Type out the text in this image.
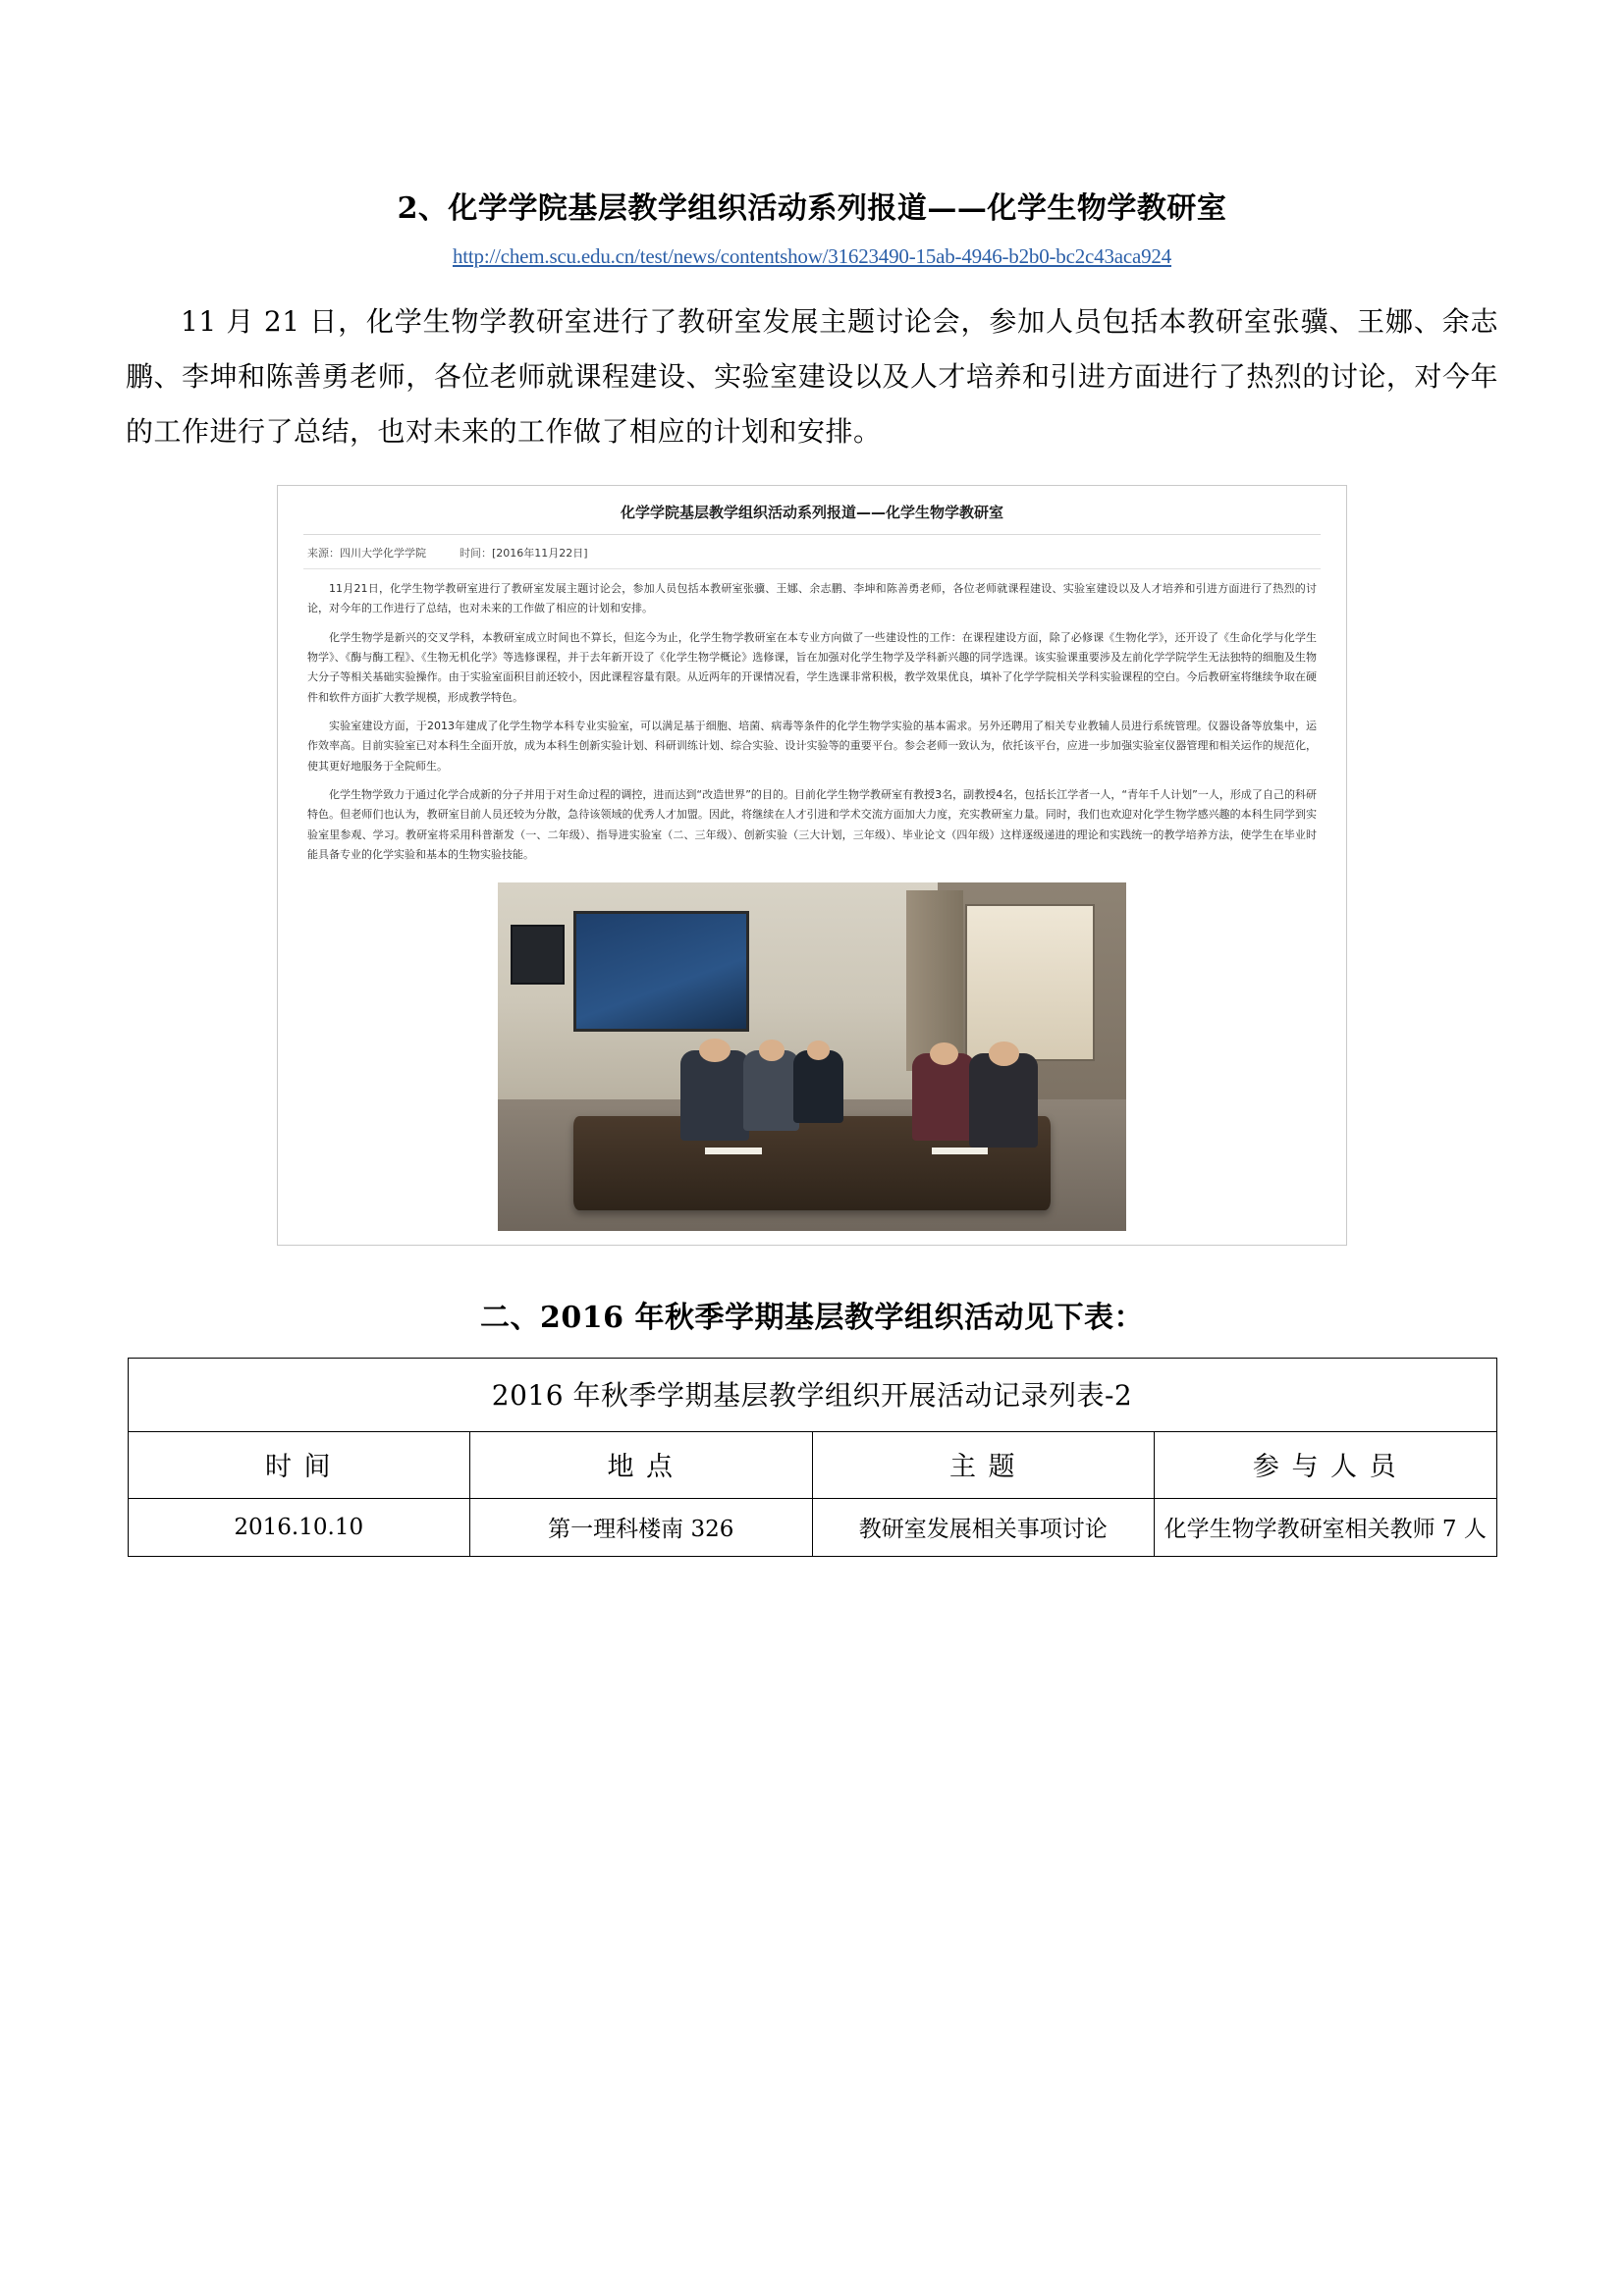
2、化学学院基层教学组织活动系列报道——化学生物学教研室
http://chem.scu.edu.cn/test/news/contentshow/31623490-15ab-4946-b2b0-bc2c43aca924

11 月 21 日，化学生物学教研室进行了教研室发展主题讨论会，参加人员包括本教研室张骥、王娜、余志鹏、李坤和陈善勇老师，各位老师就课程建设、实验室建设以及人才培养和引进方面进行了热烈的讨论，对今年的工作进行了总结，也对未来的工作做了相应的计划和安排。

化学学院基层教学组织活动系列报道——化学生物学教研室
来源：四川大学化学学院	时间：[2016年11月22日]

11月21日，化学生物学教研室进行了教研室发展主题讨论会，参加人员包括本教研室张骥、王娜、余志鹏、李坤和陈善勇老师，各位老师就课程建设、实验室建设以及人才培养和引进方面进行了热烈的讨论，对今年的工作进行了总结，也对未来的工作做了相应的计划和安排。

化学生物学是新兴的交叉学科，本教研室成立时间也不算长，但迄今为止，化学生物学教研室在本专业方向做了一些建设性的工作：在课程建设方面，除了必修课《生物化学》，还开设了《生命化学与化学生物学》、《酶与酶工程》、《生物无机化学》等选修课程，并于去年新开设了《化学生物学概论》选修课，旨在加强对化学生物学及学科新兴趣的同学选课。该实验课重要涉及左前化学学院学生无法独特的细胞及生物大分子等相关基础实验操作。由于实验室面积目前还较小，因此课程容量有限。从近两年的开课情况看，学生选课非常积极，教学效果优良，填补了化学学院相关学科实验课程的空白。今后教研室将继续争取在硬件和软件方面扩大教学规模，形成教学特色。

实验室建设方面，于2013年建成了化学生物学本科专业实验室，可以满足基于细胞、培菌、病毒等条件的化学生物学实验的基本需求。另外还聘用了相关专业教辅人员进行系统管理。仪器设备等放集中，运作效率高。目前实验室已对本科生全面开放，成为本科生创新实验计划、科研训练计划、综合实验、设计实验等的重要平台。参会老师一致认为，依托该平台，应进一步加强实验室仪器管理和相关运作的规范化，使其更好地服务于全院师生。

化学生物学致力于通过化学合成新的分子并用于对生命过程的调控，进而达到“改造世界”的目的。目前化学生物学教研室有教授3名，副教授4名，包括长江学者一人，“青年千人计划”一人，形成了自己的科研特色。但老师们也认为，教研室目前人员还较为分散，急待该领域的优秀人才加盟。因此，将继续在人才引进和学术交流方面加大力度，充实教研室力量。同时，我们也欢迎对化学生物学感兴趣的本科生同学到实验室里参观、学习。教研室将采用科普渐发（一、二年级）、指导进实验室（二、三年级）、创新实验（三大计划，三年级）、毕业论文（四年级）这样逐级递进的理论和实践统一的教学培养方法，使学生在毕业时能具备专业的化学实验和基本的生物实验技能。

二、2016 年秋季学期基层教学组织活动见下表：
2016 年秋季学期基层教学组织开展活动记录列表-2			
时 间	地 点	主 题	参 与 人 员
2016.10.10	第一理科楼南 326	教研室发展相关事项讨论	化学生物学教研室相关教师 7 人
